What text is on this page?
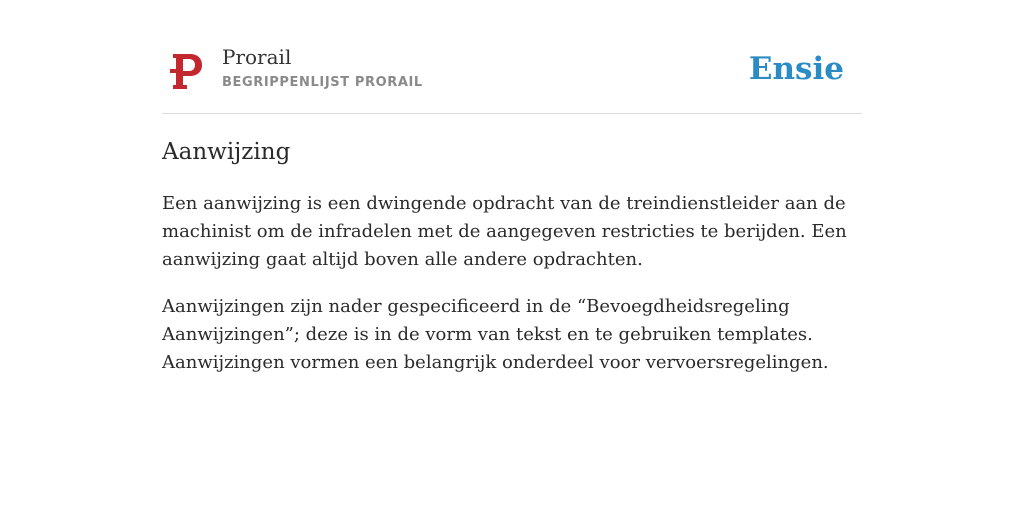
Prorail
BEGRIPPENLIJST PRORAIL	Ensie
Aanwijzing

Een aanwijzing is een dwingende opdracht van de treindienstleider aan de machinist om de infradelen met de aangegeven restricties te berijden. Een aanwijzing gaat altijd boven alle andere opdrachten.

Aanwijzingen zijn nader gespecificeerd in de “Bevoegdheidsregeling Aanwijzingen”; deze is in de vorm van tekst en te gebruiken templates. Aanwijzingen vormen een belangrijk onderdeel voor vervoersregelingen.
